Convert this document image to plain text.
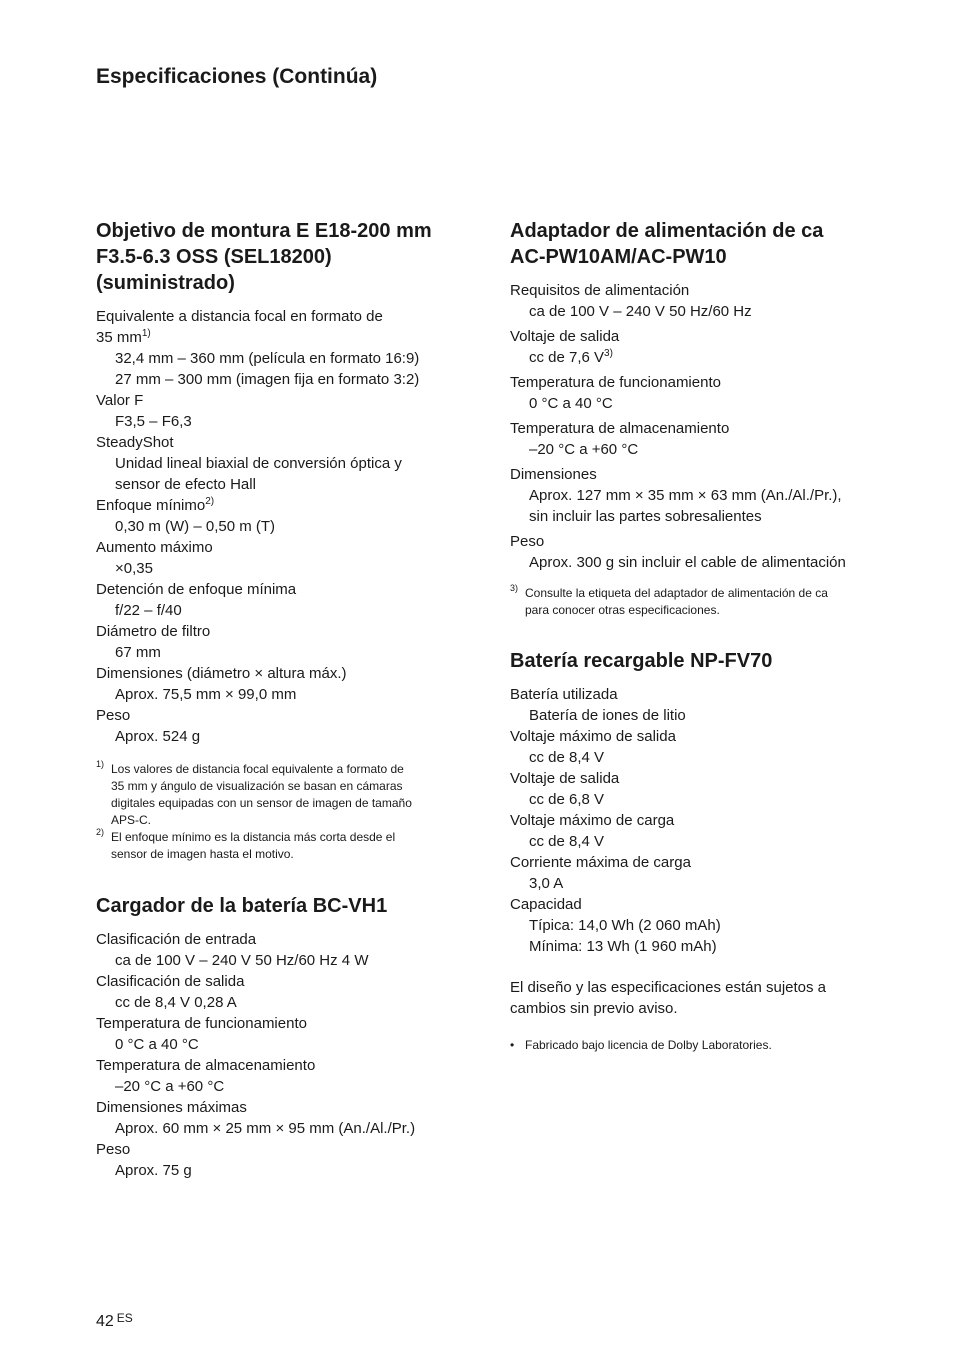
Especificaciones (Continúa)
Objetivo de montura E E18-200 mm
F3.5-6.3 OSS (SEL18200)
(suministrado)

Equivalente a distancia focal en formato de

35 mm$^{1)}$

32,4 mm – 360 mm (película en formato 16:9)

27 mm – 300 mm (imagen fija en formato 3:2)

Valor F

F3,5 – F6,3

SteadyShot

Unidad lineal biaxial de conversión óptica y

sensor de efecto Hall

Enfoque mínimo$^{2)}$

0,30 m (W) – 0,50 m (T)

Aumento máximo

×0,35

Detención de enfoque mínima

f/22 – f/40

Diámetro de filtro

67 mm

Dimensiones (diámetro × altura máx.)

Aprox. 75,5 mm × 99,0 mm

Peso

Aprox. 524 g

1) Los valores de distancia focal equivalente a formato de
35 mm y ángulo de visualización se basan en cámaras
digitales equipadas con un sensor de imagen de tamaño
APS-C.
2) El enfoque mínimo es la distancia más corta desde el
sensor de imagen hasta el motivo.
Cargador de la batería BC-VH1

Clasificación de entrada

ca de 100 V – 240 V 50 Hz/60 Hz 4 W

Clasificación de salida

cc de 8,4 V 0,28 A

Temperatura de funcionamiento

0 °C a 40 °C

Temperatura de almacenamiento

–20 °C a +60 °C

Dimensiones máximas

Aprox. 60 mm × 25 mm × 95 mm (An./Al./Pr.)

Peso

Aprox. 75 g

Adaptador de alimentación de ca
AC-PW10AM/AC-PW10

Requisitos de alimentación

ca de 100 V – 240 V 50 Hz/60 Hz

Voltaje de salida

cc de 7,6 V$^{3)}$

Temperatura de funcionamiento

0 °C a 40 °C

Temperatura de almacenamiento

–20 °C a +60 °C

Dimensiones

Aprox. 127 mm × 35 mm × 63 mm (An./Al./Pr.),

sin incluir las partes sobresalientes

Peso

Aprox. 300 g sin incluir el cable de alimentación

3) Consulte la etiqueta del adaptador de alimentación de ca
para conocer otras especificaciones.
Batería recargable NP-FV70

Batería utilizada

Batería de iones de litio

Voltaje máximo de salida

cc de 8,4 V

Voltaje de salida

cc de 6,8 V

Voltaje máximo de carga

cc de 8,4 V

Corriente máxima de carga

3,0 A

Capacidad

Típica: 14,0 Wh (2 060 mAh)

Mínima: 13 Wh (1 960 mAh)

El diseño y las especificaciones están sujetos a
cambios sin previo aviso.

• Fabricado bajo licencia de Dolby Laboratories.

42 $^{ES}$
